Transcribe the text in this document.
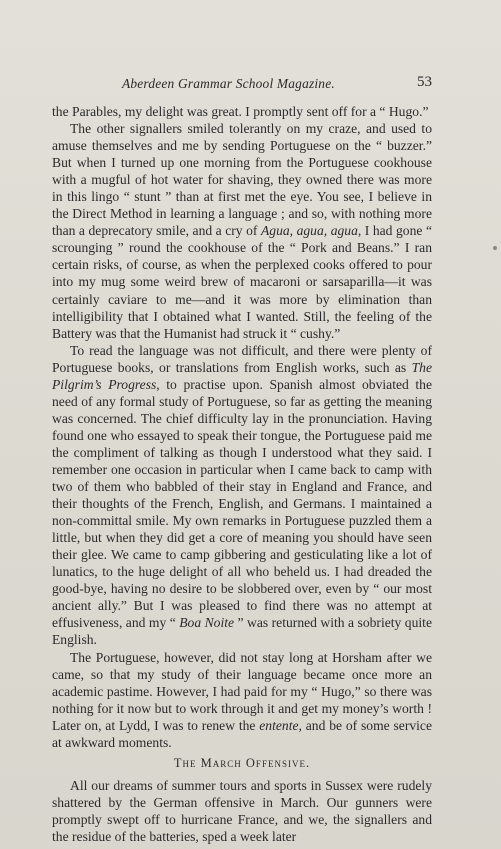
Aberdeen Grammar School Magazine.	53

the Parables, my delight was great. I promptly sent off for a “ Hugo.”

The other signallers smiled tolerantly on my craze, and used to amuse themselves and me by sending Portuguese on the “ buzzer.” But when I turned up one morning from the Portuguese cookhouse with a mugful of hot water for shaving, they owned there was more in this lingo “ stunt ” than at first met the eye. You see, I believe in the Direct Method in learning a language ; and so, with nothing more than a deprecatory smile, and a cry of Agua, agua, agua, I had gone “ scrounging ” round the cookhouse of the “ Pork and Beans.” I ran certain risks, of course, as when the perplexed cooks offered to pour into my mug some weird brew of macaroni or sarsaparilla—it was certainly caviare to me—and it was more by elimination than intelligibility that I obtained what I wanted. Still, the feeling of the Battery was that the Humanist had struck it “ cushy.”

To read the language was not difficult, and there were plenty of Portuguese books, or translations from English works, such as The Pilgrim’s Progress, to practise upon. Spanish almost obviated the need of any formal study of Portuguese, so far as getting the meaning was concerned. The chief difficulty lay in the pronunciation. Having found one who essayed to speak their tongue, the Portuguese paid me the compliment of talking as though I understood what they said. I remember one occasion in particular when I came back to camp with two of them who babbled of their stay in England and France, and their thoughts of the French, English, and Germans. I maintained a non-committal smile. My own remarks in Portuguese puzzled them a little, but when they did get a core of meaning you should have seen their glee. We came to camp gibbering and gesticulating like a lot of lunatics, to the huge delight of all who beheld us. I had dreaded the good-bye, having no desire to be slobbered over, even by “ our most ancient ally.” But I was pleased to find there was no attempt at effusiveness, and my “ Boa Noite ” was returned with a sobriety quite English.

The Portuguese, however, did not stay long at Horsham after we came, so that my study of their language became once more an academic pastime. However, I had paid for my “ Hugo,” so there was nothing for it now but to work through it and get my money’s worth ! Later on, at Lydd, I was to renew the entente, and be of some service at awkward moments.

The March Offensive.

All our dreams of summer tours and sports in Sussex were rudely shattered by the German offensive in March. Our gunners were promptly swept off to hurricane France, and we, the signallers and the residue of the batteries, sped a week later
